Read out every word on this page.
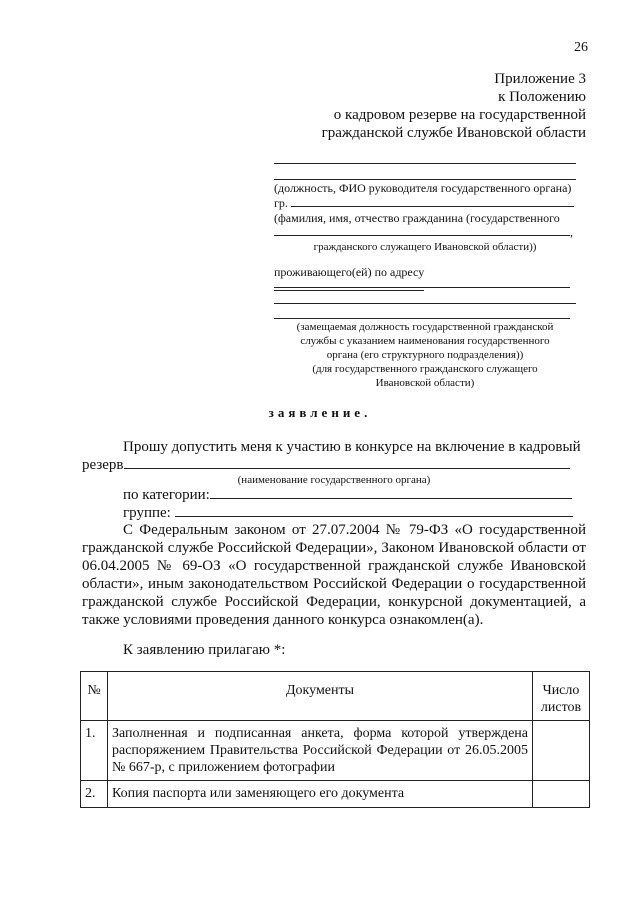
26
Приложение 3
к Положению
о кадровом резерве на государственной
гражданской службе Ивановской области
(должность, ФИО руководителя государственного органа)
гр.
(фамилия, имя, отчество гражданина (государственного
,
гражданского служащего Ивановской области))
проживающего(ей) по адресу
(замещаемая должность государственной гражданской
службы с указанием наименования государственного
органа (его структурного подразделения))
(для государственного гражданского служащего
Ивановской области)
заявление.
Прошу допустить меня к участию в конкурсе на включение в кадровый
резерв
(наименование государственного органа)
по категории:
группе:
С Федеральным законом от 27.07.2004 № 79-ФЗ «О государственной гражданской службе Российской Федерации», Законом Ивановской области от 06.04.2005 № 69-ОЗ «О государственной гражданской службе Ивановской области», иным законодательством Российской Федерации о государственной гражданской службе Российской Федерации, конкурсной документацией, а также условиями проведения данного конкурса ознакомлен(а).
К заявлению прилагаю *:
№	Документы	Число листов
1.	Заполненная и подписанная анкета, форма которой утверждена распоряжением Правительства Российской Федерации от 26.05.2005 № 667-р, с приложением фотографии	
2.	Копия паспорта или заменяющего его документа	
